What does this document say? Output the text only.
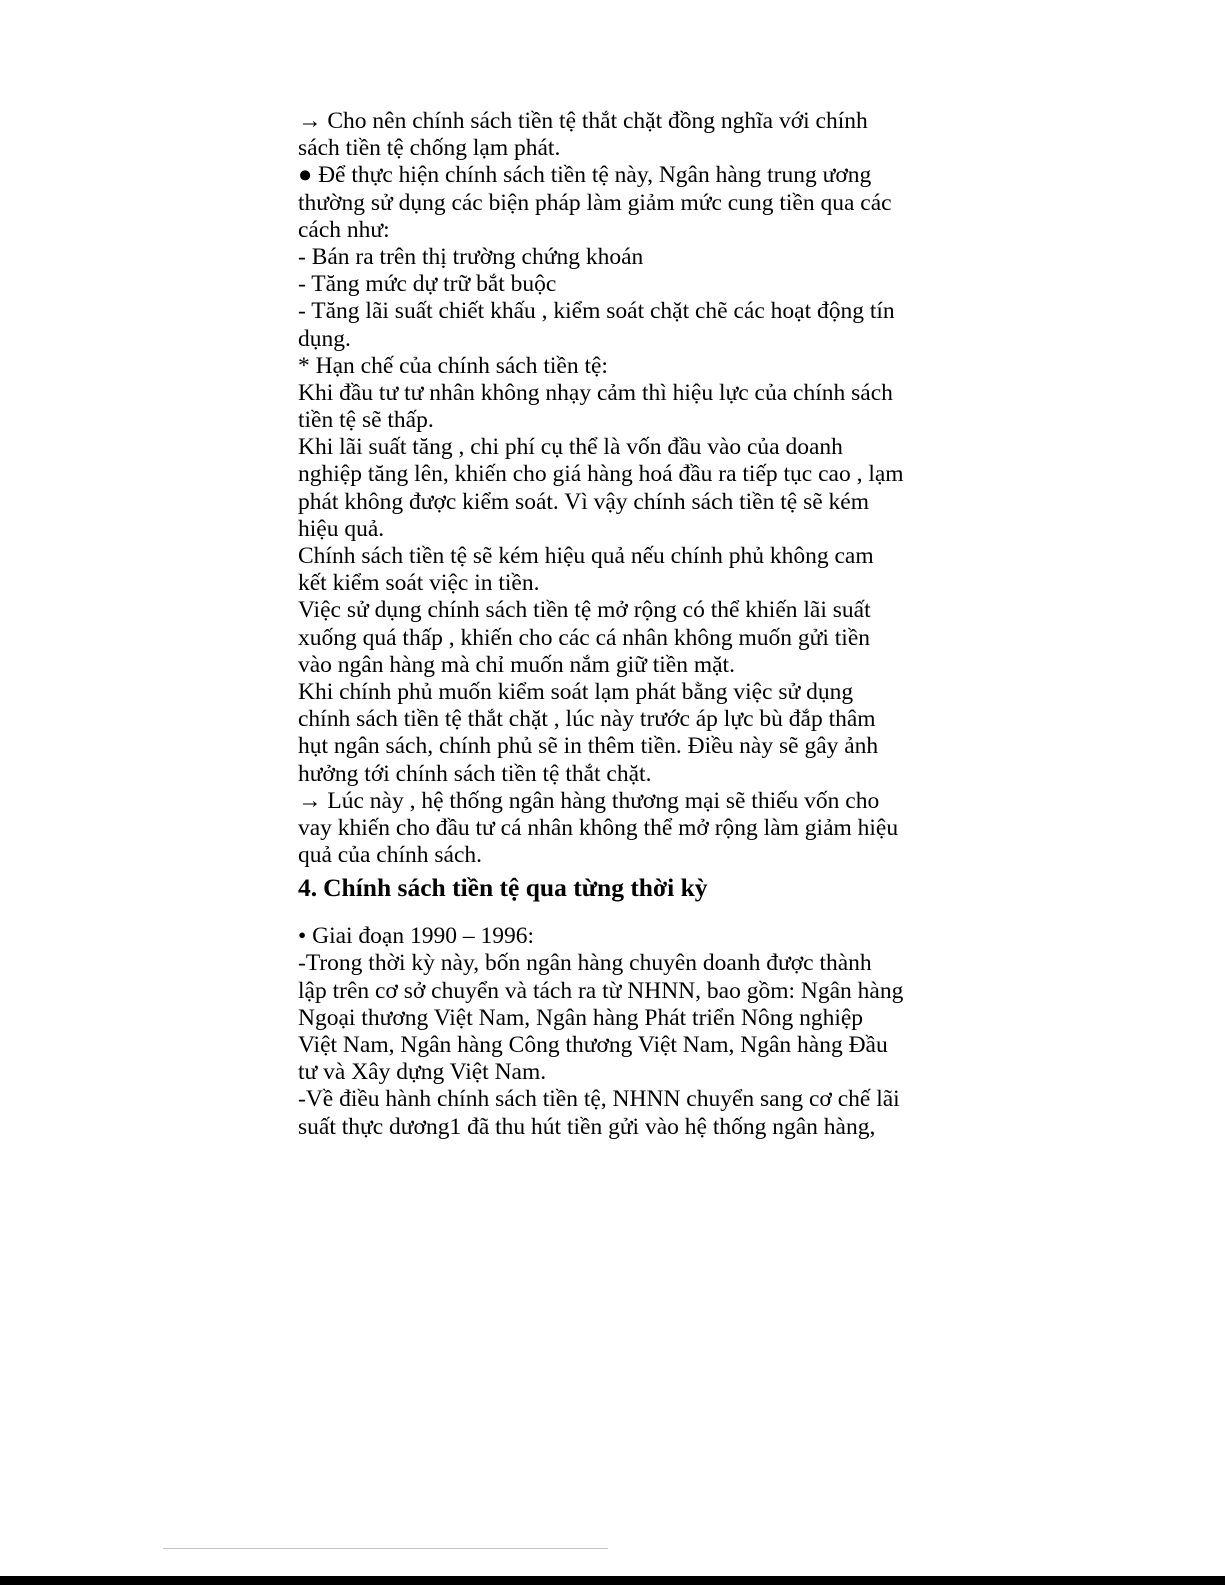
→ Cho nên chính sách tiền tệ thắt chặt đồng nghĩa với chính
sách tiền tệ chống lạm phát.
● Để thực hiện chính sách tiền tệ này, Ngân hàng trung ương
thường sử dụng các biện pháp làm giảm mức cung tiền qua các
cách như:
- Bán ra trên thị trường chứng khoán
- Tăng mức dự trữ bắt buộc
- Tăng lãi suất chiết khấu , kiểm soát chặt chẽ các hoạt động tín
dụng.
* Hạn chế của chính sách tiền tệ:
Khi đầu tư tư nhân không nhạy cảm thì hiệu lực của chính sách
tiền tệ sẽ thấp.
Khi lãi suất tăng , chi phí cụ thể là vốn đầu vào của doanh
nghiệp tăng lên, khiến cho giá hàng hoá đầu ra tiếp tục cao , lạm
phát không được kiểm soát. Vì vậy chính sách tiền tệ sẽ kém
hiệu quả.
Chính sách tiền tệ sẽ kém hiệu quả nếu chính phủ không cam
kết kiểm soát việc in tiền.
Việc sử dụng chính sách tiền tệ mở rộng có thể khiến lãi suất
xuống quá thấp , khiến cho các cá nhân không muốn gửi tiền
vào ngân hàng mà chỉ muốn nắm giữ tiền mặt.
Khi chính phủ muốn kiểm soát lạm phát bằng việc sử dụng
chính sách tiền tệ thắt chặt , lúc này trước áp lực bù đắp thâm
hụt ngân sách, chính phủ sẽ in thêm tiền. Điều này sẽ gây ảnh
hưởng tới chính sách tiền tệ thắt chặt.
→ Lúc này , hệ thống ngân hàng thương mại sẽ thiếu vốn cho
vay khiến cho đầu tư cá nhân không thể mở rộng làm giảm hiệu
quả của chính sách.
4. Chính sách tiền tệ qua từng thời kỳ
• Giai đoạn 1990 – 1996:
-Trong thời kỳ này, bốn ngân hàng chuyên doanh được thành
lập trên cơ sở chuyển và tách ra từ NHNN, bao gồm: Ngân hàng
Ngoại thương Việt Nam, Ngân hàng Phát triển Nông nghiệp
Việt Nam, Ngân hàng Công thương Việt Nam, Ngân hàng Đầu
tư và Xây dựng Việt Nam.
-Về điều hành chính sách tiền tệ, NHNN chuyển sang cơ chế lãi
suất thực dương1 đã thu hút tiền gửi vào hệ thống ngân hàng,
